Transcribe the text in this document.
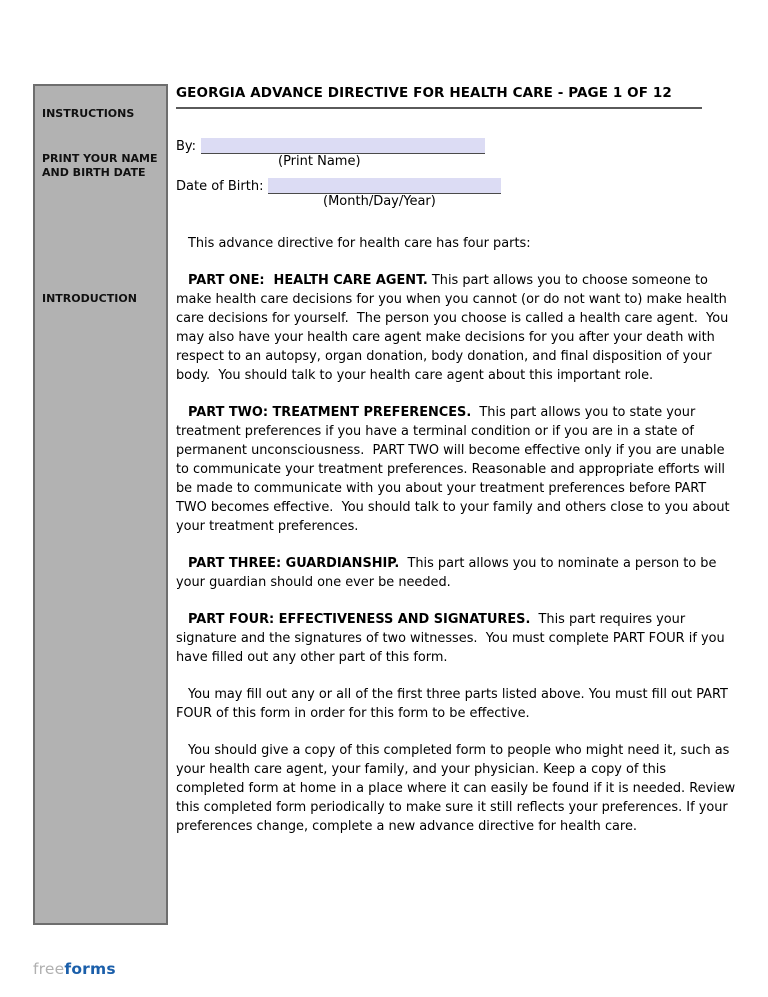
INSTRUCTIONS
PRINT YOUR NAME AND BIRTH DATE
INTRODUCTION
GEORGIA ADVANCE DIRECTIVE FOR HEALTH CARE - PAGE 1 OF 12
By:
(Print Name)
Date of Birth:
(Month/Day/Year)

This advance directive for health care has four parts:

PART ONE:  HEALTH CARE AGENT. This part allows you to choose someone to make health care decisions for you when you cannot (or do not want to) make health care decisions for yourself.  The person you choose is called a health care agent.  You may also have your health care agent make decisions for you after your death with respect to an autopsy, organ donation, body donation, and final disposition of your body.  You should talk to your health care agent about this important role.

PART TWO: TREATMENT PREFERENCES.  This part allows you to state your treatment preferences if you have a terminal condition or if you are in a state of permanent unconsciousness.  PART TWO will become effective only if you are unable to communicate your treatment preferences. Reasonable and appropriate efforts will be made to communicate with you about your treatment preferences before PART TWO becomes effective.  You should talk to your family and others close to you about your treatment preferences.

PART THREE: GUARDIANSHIP.  This part allows you to nominate a person to be your guardian should one ever be needed.

PART FOUR: EFFECTIVENESS AND SIGNATURES.  This part requires your signature and the signatures of two witnesses.  You must complete PART FOUR if you have filled out any other part of this form.

You may fill out any or all of the first three parts listed above. You must fill out PART FOUR of this form in order for this form to be effective.

You should give a copy of this completed form to people who might need it, such as your health care agent, your family, and your physician. Keep a copy of this completed form at home in a place where it can easily be found if it is needed. Review this completed form periodically to make sure it still reflects your preferences. If your preferences change, complete a new advance directive for health care.

freeforms
